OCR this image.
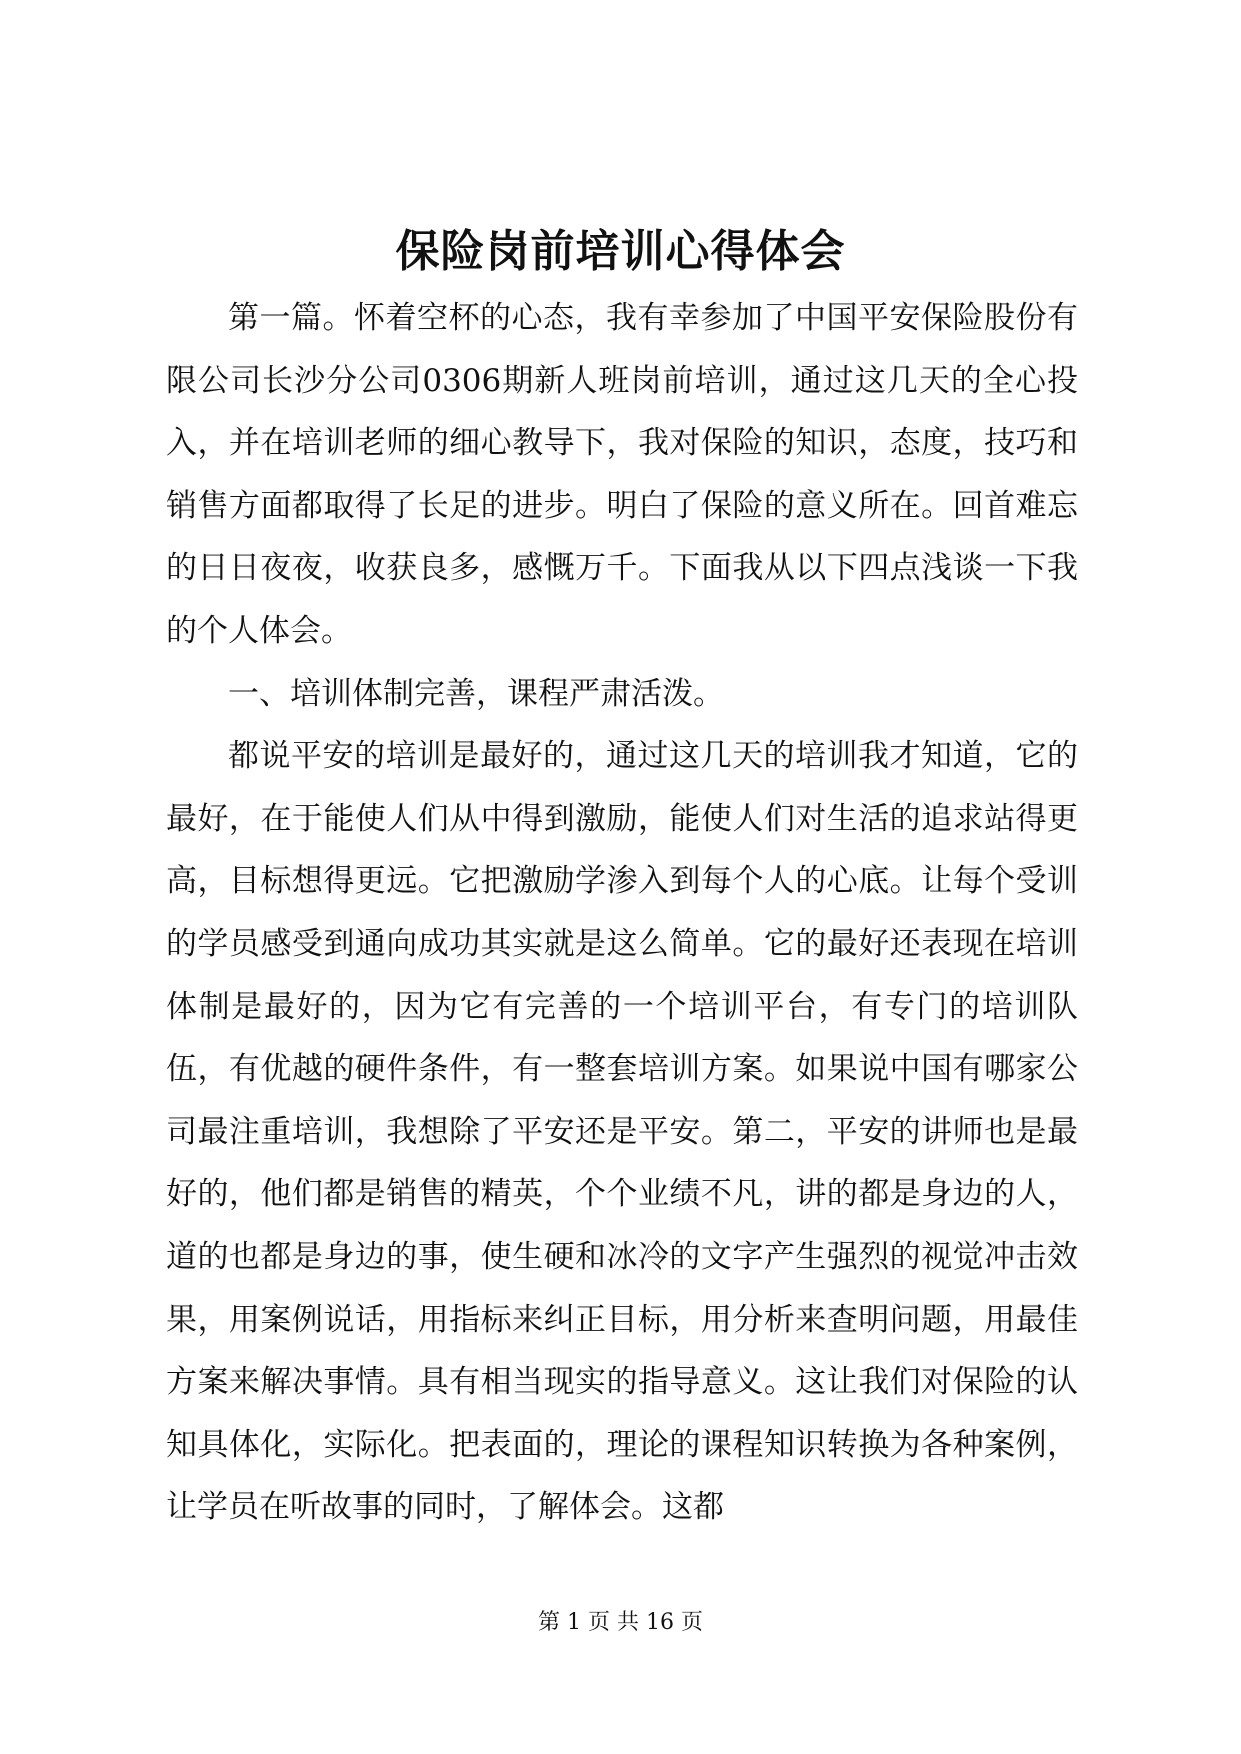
保险岗前培训心得体会

第一篇。怀着空杯的心态，我有幸参加了中国平安保险股份有限公司长沙分公司0306期新人班岗前培训，通过这几天的全心投入，并在培训老师的细心教导下，我对保险的知识，态度，技巧和销售方面都取得了长足的进步。明白了保险的意义所在。回首难忘的日日夜夜，收获良多，感慨万千。下面我从以下四点浅谈一下我的个人体会。

一、培训体制完善，课程严肃活泼。

都说平安的培训是最好的，通过这几天的培训我才知道，它的最好，在于能使人们从中得到激励，能使人们对生活的追求站得更高，目标想得更远。它把激励学渗入到每个人的心底。让每个受训的学员感受到通向成功其实就是这么简单。它的最好还表现在培训体制是最好的，因为它有完善的一个培训平台，有专门的培训队伍，有优越的硬件条件，有一整套培训方案。如果说中国有哪家公司最注重培训，我想除了平安还是平安。第二，平安的讲师也是最好的，他们都是销售的精英，个个业绩不凡，讲的都是身边的人，道的也都是身边的事，使生硬和冰冷的文字产生强烈的视觉冲击效果，用案例说话，用指标来纠正目标，用分析来查明问题，用最佳方案来解决事情。具有相当现实的指导意义。这让我们对保险的认知具体化，实际化。把表面的，理论的课程知识转换为各种案例，让学员在听故事的同时，了解体会。这都

第 1 页 共 16 页
